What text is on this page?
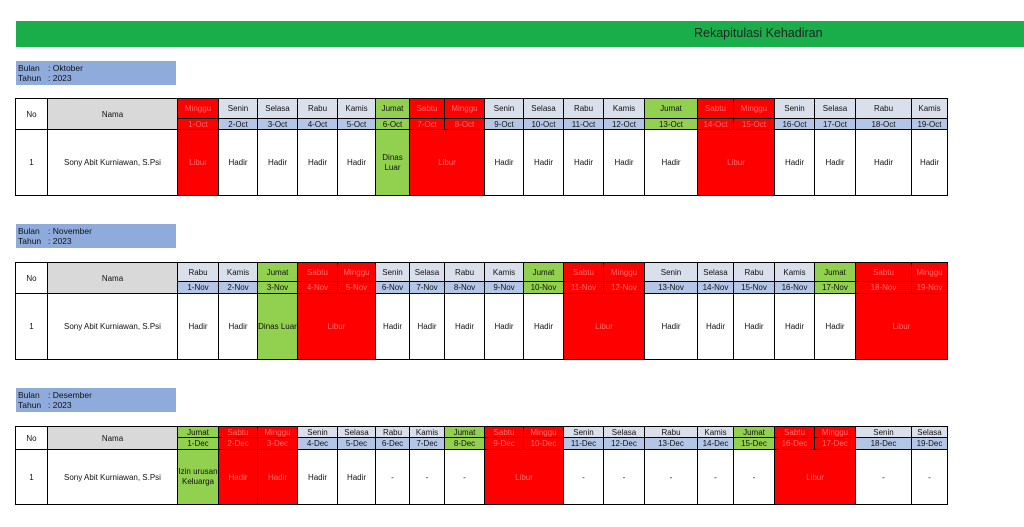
Rekapitulasi Kehadiran
Bulan : Oktober
Tahun : 2023
No	Nama	Minggu	Senin	Selasa	Rabu	Kamis	Jumat	Sabtu	Minggu	Senin	Selasa	Rabu	Kamis	Jumat	Sabtu	Minggu	Senin	Selasa	Rabu	Kamis
		1-Oct	2-Oct	3-Oct	4-Oct	5-Oct	6-Oct	7-Oct	8-Oct	9-Oct	10-Oct	11-Oct	12-Oct	13-Oct	14-Oct	15-Oct	16-Oct	17-Oct	18-Oct	19-Oct
1	Sony Abit Kurniawan, S.Psi	Libur	Hadir	Hadir	Hadir	Hadir	Dinas Luar	Libur		Hadir	Hadir	Hadir	Hadir	Hadir	Libur		Hadir	Hadir	Hadir	Hadir
Bulan : November
Tahun : 2023
No	Nama	Rabu	Kamis	Jumat	Sabtu	Minggu	Senin	Selasa	Rabu	Kamis	Jumat	Sabtu	Minggu	Senin	Selasa	Rabu	Kamis	Jumat	Sabtu	Minggu
		1-Nov	2-Nov	3-Nov	4-Nov	5-Nov	6-Nov	7-Nov	8-Nov	9-Nov	10-Nov	11-Nov	12-Nov	13-Nov	14-Nov	15-Nov	16-Nov	17-Nov	18-Nov	19-Nov
1	Sony Abit Kurniawan, S.Psi	Hadir	Hadir	Dinas Luar	Libur		Hadir	Hadir	Hadir	Hadir	Hadir	Libur		Hadir	Hadir	Hadir	Hadir	Hadir	Libur	
Bulan : Desember
Tahun : 2023
No	Nama	Jumat	Sabtu	Minggu	Senin	Selasa	Rabu	Kamis	Jumat	Sabtu	Minggu	Senin	Selasa	Rabu	Kamis	Jumat	Sabtu	Minggu	Senin	Selasa
		1-Dec	2-Dec	3-Dec	4-Dec	5-Dec	6-Dec	7-Dec	8-Dec	9-Dec	10-Dec	11-Dec	12-Dec	13-Dec	14-Dec	15-Dec	16-Dec	17-Dec	18-Dec	19-Dec
1	Sony Abit Kurniawan, S.Psi	Izin urusan Keluarga	Hadir	Hadir	Hadir	Hadir	-	-	-	Libur		-	-	-	-	-	Libur		-	-
